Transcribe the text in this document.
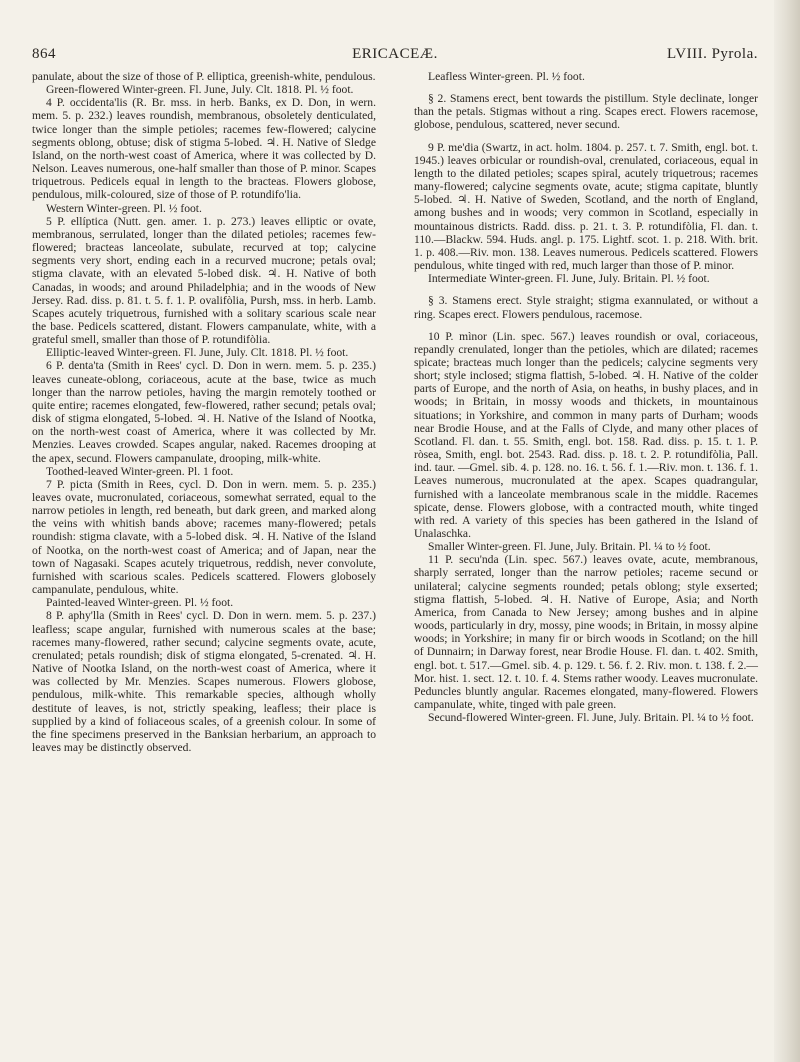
864	ERICACEÆ.	LVIII. Pyrola.

panulate, about the size of those of P. elliptica, greenish-white, pendulous.

Green-flowered Winter-green. Fl. June, July. Clt. 1818. Pl. ½ foot.

4 P. occidenta'lis (R. Br. mss. in herb. Banks, ex D. Don, in wern. mem. 5. p. 232.) leaves roundish, membranous, obsoletely denticulated, twice longer than the simple petioles; racemes few-flowered; calycine segments oblong, obtuse; disk of stigma 5-lobed. ♃. H. Native of Sledge Island, on the north-west coast of America, where it was collected by D. Nelson. Leaves numerous, one-half smaller than those of P. minor. Scapes triquetrous. Pedicels equal in length to the bracteas. Flowers globose, pendulous, milk-coloured, size of those of P. rotundifo'lia.

Western Winter-green. Pl. ½ foot.

5 P. ellíptica (Nutt. gen. amer. 1. p. 273.) leaves elliptic or ovate, membranous, serrulated, longer than the dilated petioles; racemes few-flowered; bracteas lanceolate, subulate, recurved at top; calycine segments very short, ending each in a recurved mucrone; petals oval; stigma clavate, with an elevated 5-lobed disk. ♃. H. Native of both Canadas, in woods; and around Philadelphia; and in the woods of New Jersey. Rad. diss. p. 81. t. 5. f. 1. P. ovalifòlia, Pursh, mss. in herb. Lamb. Scapes acutely triquetrous, furnished with a solitary scarious scale near the base. Pedicels scattered, distant. Flowers campanulate, white, with a grateful smell, smaller than those of P. rotundifòlia.

Elliptic-leaved Winter-green. Fl. June, July. Clt. 1818. Pl. ½ foot.

6 P. denta'ta (Smith in Rees' cycl. D. Don in wern. mem. 5. p. 235.) leaves cuneate-oblong, coriaceous, acute at the base, twice as much longer than the narrow petioles, having the margin remotely toothed or quite entire; racemes elongated, few-flowered, rather secund; petals oval; disk of stigma elongated, 5-lobed. ♃. H. Native of the Island of Nootka, on the north-west coast of America, where it was collected by Mr. Menzies. Leaves crowded. Scapes angular, naked. Racemes drooping at the apex, secund. Flowers campanulate, drooping, milk-white.

Toothed-leaved Winter-green. Pl. 1 foot.

7 P. picta (Smith in Rees, cycl. D. Don in wern. mem. 5. p. 235.) leaves ovate, mucronulated, coriaceous, somewhat serrated, equal to the narrow petioles in length, red beneath, but dark green, and marked along the veins with whitish bands above; racemes many-flowered; petals roundish: stigma clavate, with a 5-lobed disk. ♃. H. Native of the Island of Nootka, on the north-west coast of America; and of Japan, near the town of Nagasaki. Scapes acutely triquetrous, reddish, never convolute, furnished with scarious scales. Pedicels scattered. Flowers globosely campanulate, pendulous, white.

Painted-leaved Winter-green. Pl. ½ foot.

8 P. aphy'lla (Smith in Rees' cycl. D. Don in wern. mem. 5. p. 237.) leafless; scape angular, furnished with numerous scales at the base; racemes many-flowered, rather secund; calycine segments ovate, acute, crenulated; petals roundish; disk of stigma elongated, 5-crenated. ♃. H. Native of Nootka Island, on the north-west coast of America, where it was collected by Mr. Menzies. Scapes numerous. Flowers globose, pendulous, milk-white. This remarkable species, although wholly destitute of leaves, is not, strictly speaking, leafless; their place is supplied by a kind of foliaceous scales, of a greenish colour. In some of the fine specimens preserved in the Banksian herbarium, an approach to leaves may be distinctly observed.

Leafless Winter-green. Pl. ½ foot.

§ 2. Stamens erect, bent towards the pistillum. Style declinate, longer than the petals. Stigmas without a ring. Scapes erect. Flowers racemose, globose, pendulous, scattered, never secund.

9 P. me'dia (Swartz, in act. holm. 1804. p. 257. t. 7. Smith, engl. bot. t. 1945.) leaves orbicular or roundish-oval, crenulated, coriaceous, equal in length to the dilated petioles; scapes spiral, acutely triquetrous; racemes many-flowered; calycine segments ovate, acute; stigma capitate, bluntly 5-lobed. ♃. H. Native of Sweden, Scotland, and the north of England, among bushes and in woods; very common in Scotland, especially in mountainous districts. Radd. diss. p. 21. t. 3. P. rotundifòlia, Fl. dan. t. 110.—Blackw. 594. Huds. angl. p. 175. Lightf. scot. 1. p. 218. With. brit. 1. p. 408.—Riv. mon. 138. Leaves numerous. Pedicels scattered. Flowers pendulous, white tinged with red, much larger than those of P. minor.

Intermediate Winter-green. Fl. June, July. Britain. Pl. ½ foot.

§ 3. Stamens erect. Style straight; stigma exannulated, or without a ring. Scapes erect. Flowers pendulous, racemose.

10 P. mìnor (Lin. spec. 567.) leaves roundish or oval, coriaceous, repandly crenulated, longer than the petioles, which are dilated; racemes spicate; bracteas much longer than the pedicels; calycine segments very short; style inclosed; stigma flattish, 5-lobed. ♃. H. Native of the colder parts of Europe, and the north of Asia, on heaths, in bushy places, and in woods; in Britain, in mossy woods and thickets, in mountainous situations; in Yorkshire, and common in many parts of Durham; woods near Brodie House, and at the Falls of Clyde, and many other places of Scotland. Fl. dan. t. 55. Smith, engl. bot. 158. Rad. diss. p. 15. t. 1. P. ròsea, Smith, engl. bot. 2543. Rad. diss. p. 18. t. 2. P. rotundifòlia, Pall. ind. taur. —Gmel. sib. 4. p. 128. no. 16. t. 56. f. 1.—Riv. mon. t. 136. f. 1. Leaves numerous, mucronulated at the apex. Scapes quadrangular, furnished with a lanceolate membranous scale in the middle. Racemes spicate, dense. Flowers globose, with a contracted mouth, white tinged with red. A variety of this species has been gathered in the Island of Unalaschka.

Smaller Winter-green. Fl. June, July. Britain. Pl. ¼ to ½ foot.

11 P. secu'nda (Lin. spec. 567.) leaves ovate, acute, membranous, sharply serrated, longer than the narrow petioles; raceme secund or unilateral; calycine segments rounded; petals oblong; style exserted; stigma flattish, 5-lobed. ♃. H. Native of Europe, Asia; and North America, from Canada to New Jersey; among bushes and in alpine woods, particularly in dry, mossy, pine woods; in Britain, in mossy alpine woods; in Yorkshire; in many fir or birch woods in Scotland; on the hill of Dunnairn; in Darway forest, near Brodie House. Fl. dan. t. 402. Smith, engl. bot. t. 517.—Gmel. sib. 4. p. 129. t. 56. f. 2. Riv. mon. t. 138. f. 2.—Mor. hist. 1. sect. 12. t. 10. f. 4. Stems rather woody. Leaves mucronulate. Peduncles bluntly angular. Racemes elongated, many-flowered. Flowers campanulate, white, tinged with pale green.

Secund-flowered Winter-green. Fl. June, July. Britain. Pl. ¼ to ½ foot.
